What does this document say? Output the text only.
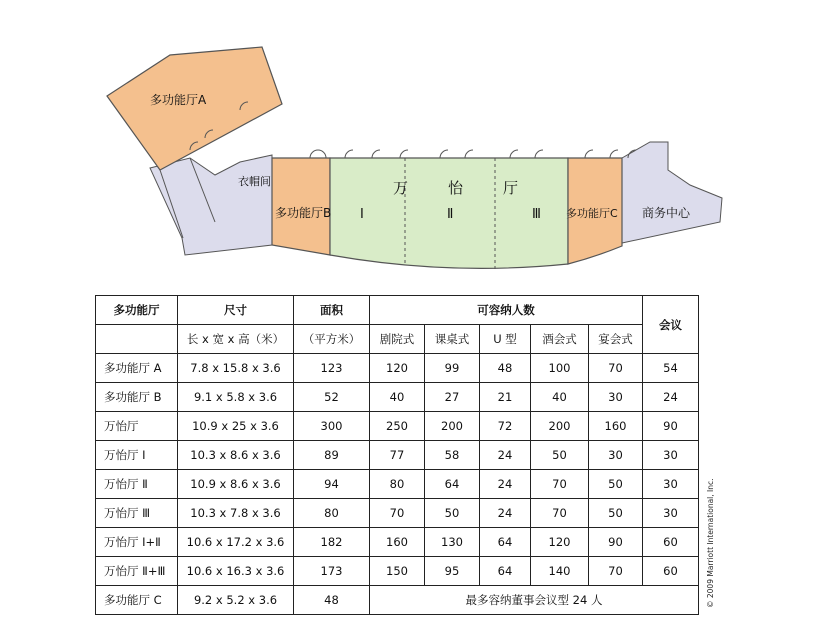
多功能厅A
衣帽间
多功能厅B
万	怡	厅
Ⅰ	Ⅱ	Ⅲ 多功能厅C 商务中心
多功能厅	尺寸	面积	可容纳人数					会议
	长 x 宽 x 高（米）	（平方米）	剧院式	课桌式	U 型	酒会式	宴会式	
多功能厅 A	7.8 x 15.8 x 3.6	123	120	99	48	100	70	54
多功能厅 B	9.1 x 5.8 x 3.6	52	40	27	21	40	30	24
万怡厅	10.9 x 25 x 3.6	300	250	200	72	200	160	90
万怡厅 Ⅰ	10.3 x 8.6 x 3.6	89	77	58	24	50	30	30
万怡厅 Ⅱ	10.9 x 8.6 x 3.6	94	80	64	24	70	50	30
万怡厅 Ⅲ	10.3 x 7.8 x 3.6	80	70	50	24	70	50	30
万怡厅 Ⅰ+Ⅱ	10.6 x 17.2 x 3.6	182	160	130	64	120	90	60
万怡厅 Ⅱ+Ⅲ	10.6 x 16.3 x 3.6	173	150	95	64	140	70	60
多功能厅 C	9.2 x 5.2 x 3.6	48	最多容纳董事会议型 24 人						© 2009 Marriott International, Inc.
